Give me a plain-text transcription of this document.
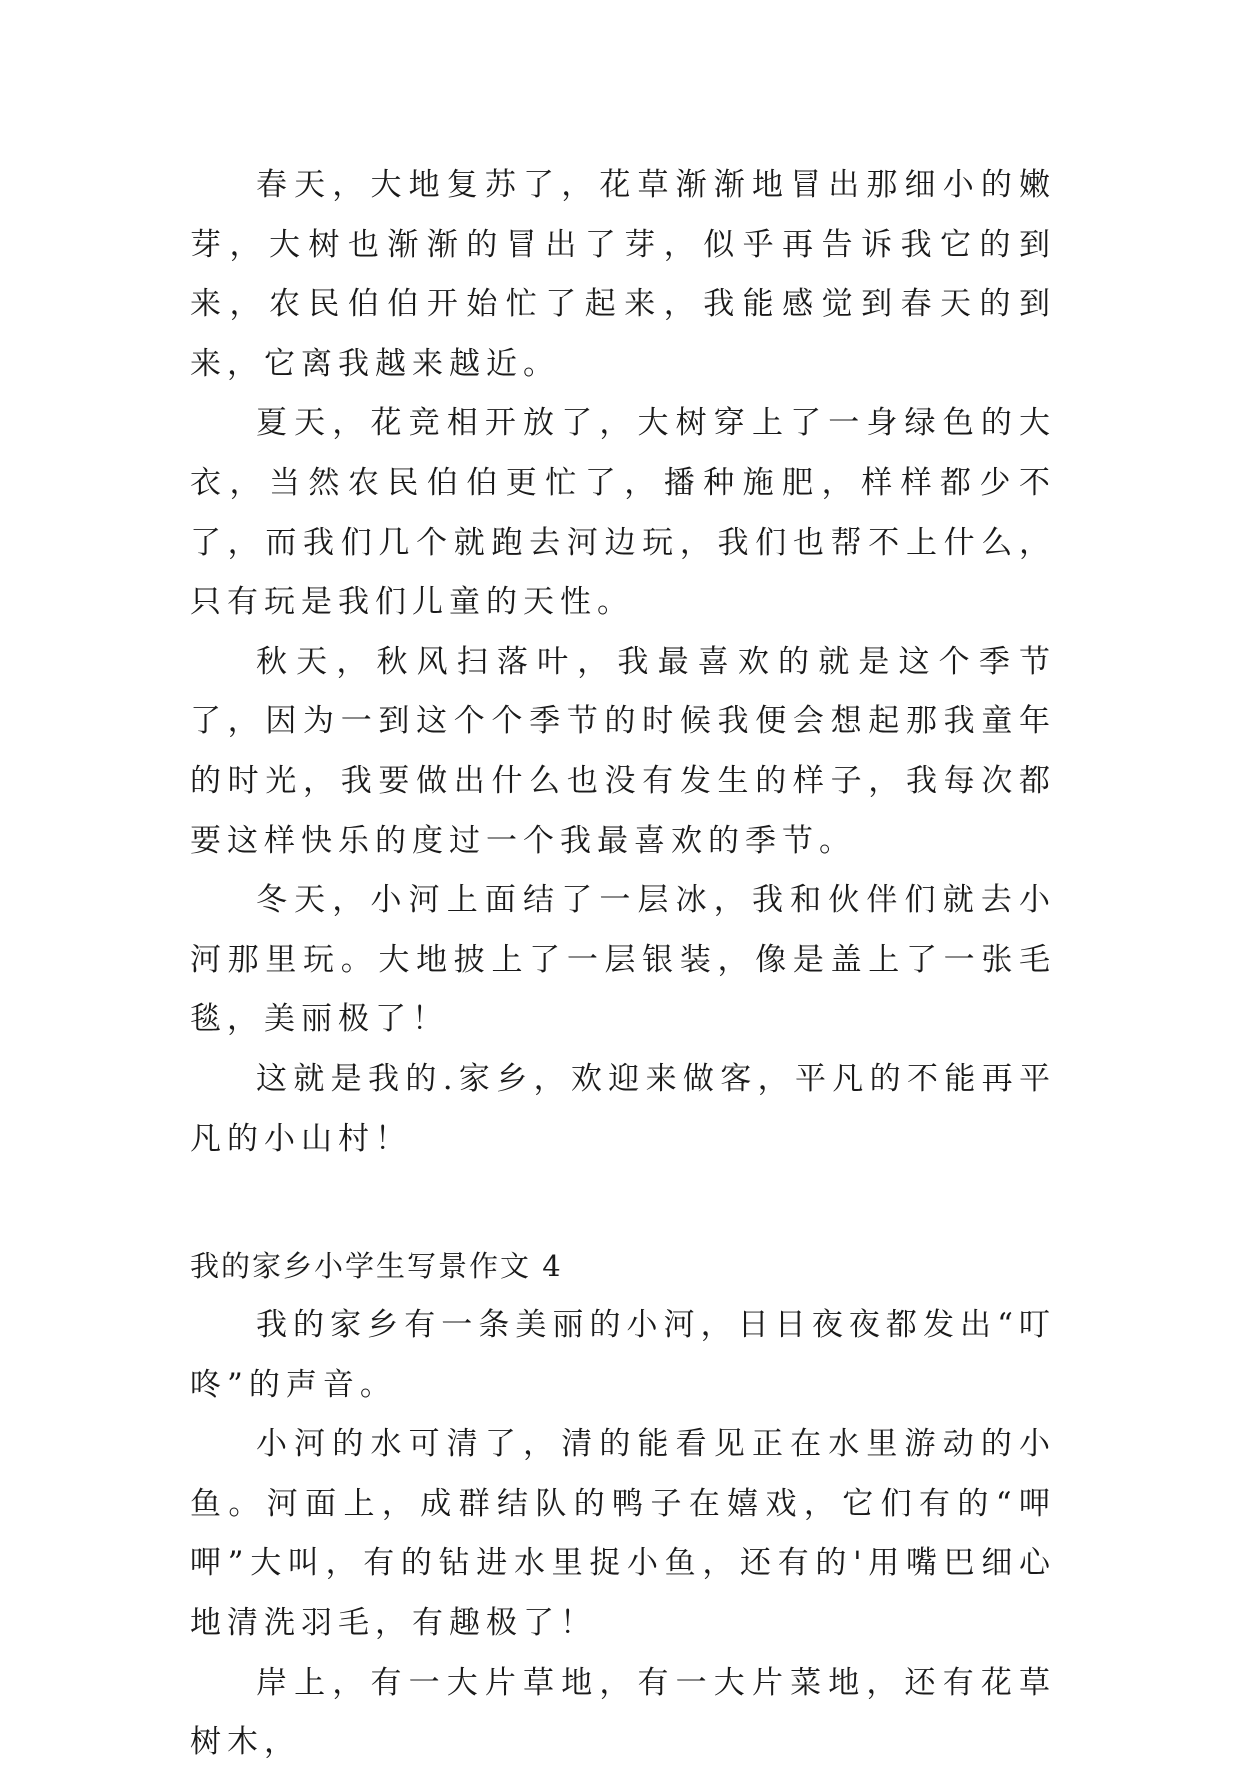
春天，大地复苏了，花草渐渐地冒出那细小的嫩芽，大树也渐渐的冒出了芽，似乎再告诉我它的到来，农民伯伯开始忙了起来，我能感觉到春天的到来，它离我越来越近。

夏天，花竞相开放了，大树穿上了一身绿色的大衣，当然农民伯伯更忙了，播种施肥，样样都少不了，而我们几个就跑去河边玩，我们也帮不上什么，只有玩是我们儿童的天性。

秋天，秋风扫落叶，我最喜欢的就是这个季节了，因为一到这个个季节的时候我便会想起那我童年的时光，我要做出什么也没有发生的样子，我每次都要这样快乐的度过一个我最喜欢的季节。

冬天，小河上面结了一层冰，我和伙伴们就去小河那里玩。大地披上了一层银装，像是盖上了一张毛毯，美丽极了！

这就是我的.家乡，欢迎来做客，平凡的不能再平凡的小山村！

我的家乡小学生写景作文 4

我的家乡有一条美丽的小河，日日夜夜都发出“叮咚”的声音。

小河的水可清了，清的能看见正在水里游动的小鱼。河面上，成群结队的鸭子在嬉戏，它们有的“呷呷”大叫，有的钻进水里捉小鱼，还有的'用嘴巴细心地清洗羽毛，有趣极了！

岸上，有一大片草地，有一大片菜地，还有花草树木，
